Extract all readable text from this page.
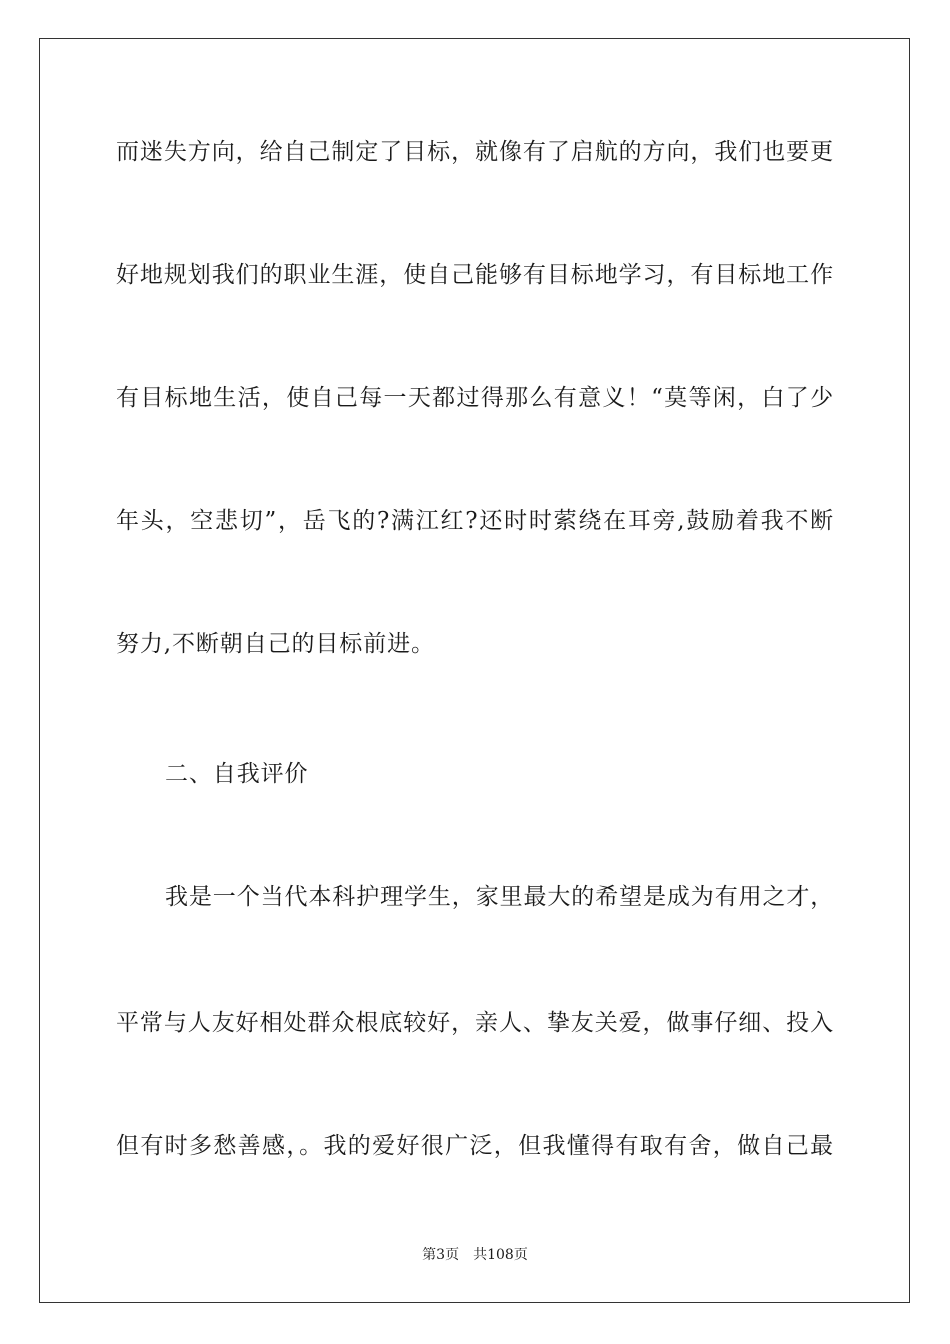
而迷失方向，给自己制定了目标，就像有了启航的方向，我们也要更
好地规划我们的职业生涯，使自己能够有目标地学习，有目标地工作
有目标地生活，使自己每一天都过得那么有意义！“莫等闲，白了少
年头，空悲切”，岳飞的?满江红?还时时萦绕在耳旁,鼓励着我不断
努力,不断朝自己的目标前进。
二、自我评价
我是一个当代本科护理学生，家里最大的希望是成为有用之才，
平常与人友好相处群众根底较好，亲人、挚友关爱，做事仔细、投入
但有时多愁善感，。我的爱好很广泛，但我懂得有取有舍，做自己最
第3页 共108页
